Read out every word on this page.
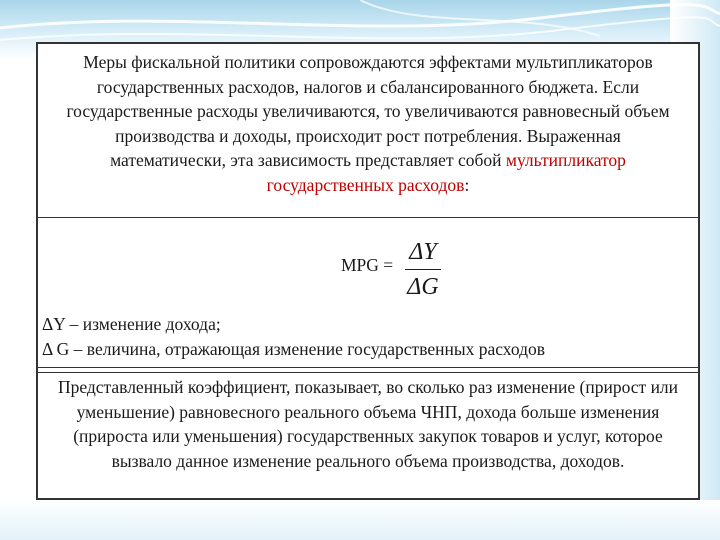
Меры фискальной политики сопровождаются эффектами мультипликаторов государственных расходов, налогов и сбалансированного бюджета. Если государственные расходы увеличиваются, то увеличиваются равновесный объем производства и доходы, происходит рост потребления. Выраженная математически, эта зависимость представляет собой мультипликатор государственных расходов:

MPG = ΔY
ΔG
ΔY – изменение дохода;
Δ G – величина, отражающая изменение государственных расходов

Представленный коэффициент, показывает, во сколько раз изменение (прирост или уменьшение) равновесного реального объема ЧНП, дохода больше изменения (прироста или уменьшения) государственных закупок товаров и услуг, которое вызвало данное изменение реального объема производства, доходов.
